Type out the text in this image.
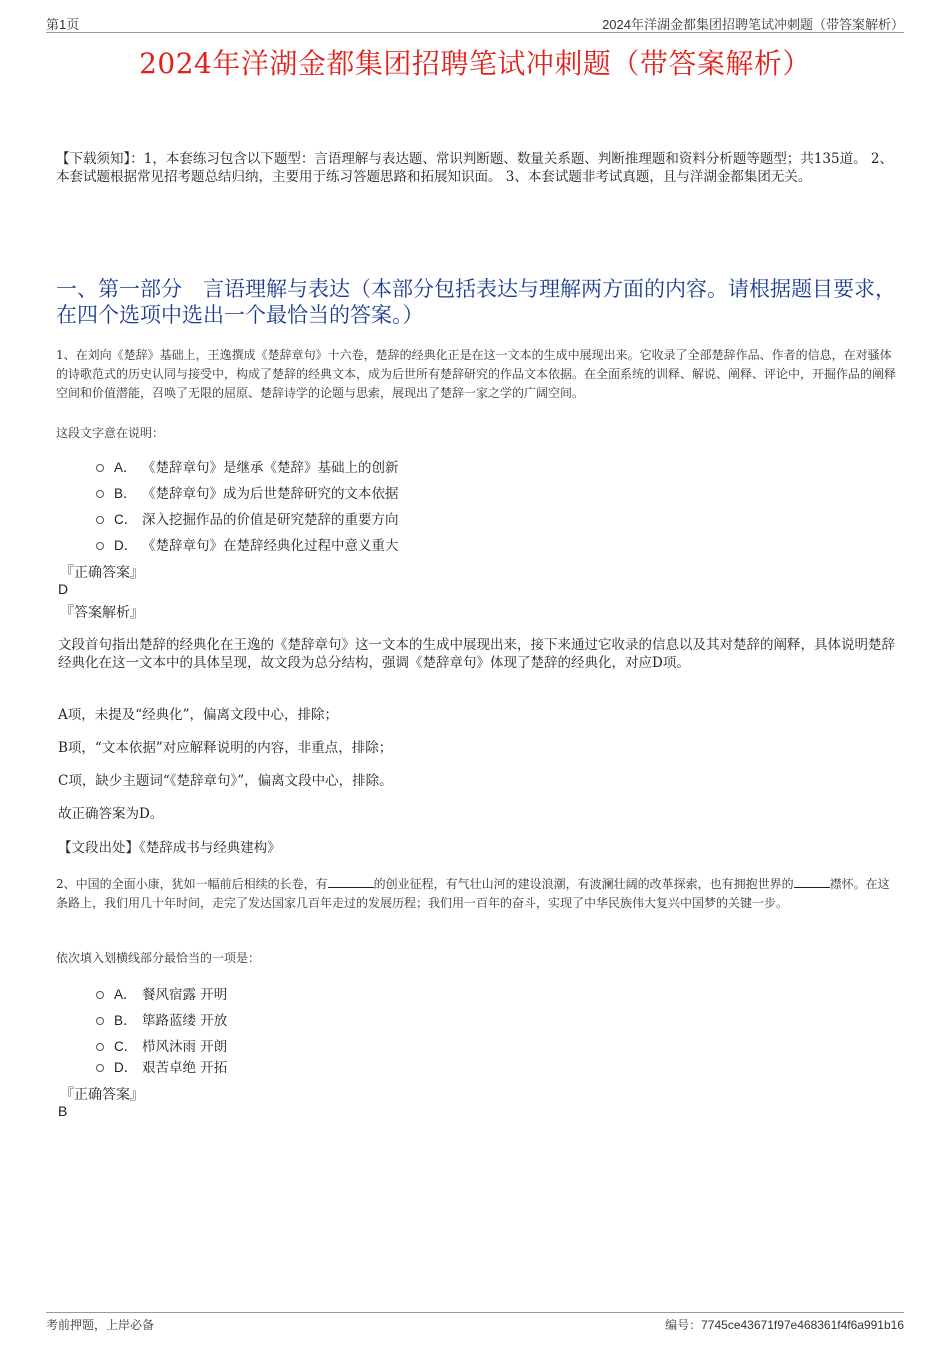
第1页	2024年洋湖金都集团招聘笔试冲刺题（带答案解析）
2024年洋湖金都集团招聘笔试冲刺题（带答案解析）
【下载须知】：1，本套练习包含以下题型：言语理解与表达题、常识判断题、数量关系题、判断推理题和资料分析题等题型；共135道。 2、本套试题根据常见招考题总结归纳，主要用于练习答题思路和拓展知识面。 3、本套试题非考试真题，且与洋湖金都集团无关。
一、第一部分　言语理解与表达（本部分包括表达与理解两方面的内容。请根据题目要求，在四个选项中选出一个最恰当的答案。）
1、在刘向《楚辞》基础上，王逸撰成《楚辞章句》十六卷，楚辞的经典化正是在这一文本的生成中展现出来。它收录了全部楚辞作品、作者的信息，在对骚体的诗歌范式的历史认同与接受中，构成了楚辞的经典文本，成为后世所有楚辞研究的作品文本依据。在全面系统的训释、解说、阐释、评论中，开掘作品的阐释空间和价值潜能，召唤了无限的屈原、楚辞诗学的论题与思索，展现出了楚辞一家之学的广阔空间。
这段文字意在说明：
A． 《楚辞章句》是继承《楚辞》基础上的创新
B． 《楚辞章句》成为后世楚辞研究的文本依据
C． 深入挖掘作品的价值是研究楚辞的重要方向
D． 《楚辞章句》在楚辞经典化过程中意义重大
『正确答案』
D
『答案解析』
文段首句指出楚辞的经典化在王逸的《楚辞章句》这一文本的生成中展现出来，接下来通过它收录的信息以及其对楚辞的阐释，具体说明楚辞经典化在这一文本中的具体呈现，故文段为总分结构，强调《楚辞章句》体现了楚辞的经典化，对应D项。
A项，未提及“经典化”，偏离文段中心，排除；
B项，“文本依据”对应解释说明的内容，非重点，排除；
C项，缺少主题词“《楚辞章句》”，偏离文段中心，排除。
故正确答案为D。
【文段出处】《楚辞成书与经典建构》
2、中国的全面小康，犹如一幅前后相续的长卷，有	的创业征程，有气壮山河的建设浪潮，有波澜壮阔的改革探索，也有拥抱世界的	襟怀。在这条路上，我们用几十年时间，走完了发达国家几百年走过的发展历程；我们用一百年的奋斗，实现了中华民族伟大复兴中国梦的关键一步。
依次填入划横线部分最恰当的一项是：
A． 餐风宿露 开明
B． 筚路蓝缕 开放
C． 栉风沐雨 开朗
D． 艰苦卓绝 开拓
『正确答案』
B
考前押题，上岸必备	编号：7745ce43671f97e468361f4f6a991b16
